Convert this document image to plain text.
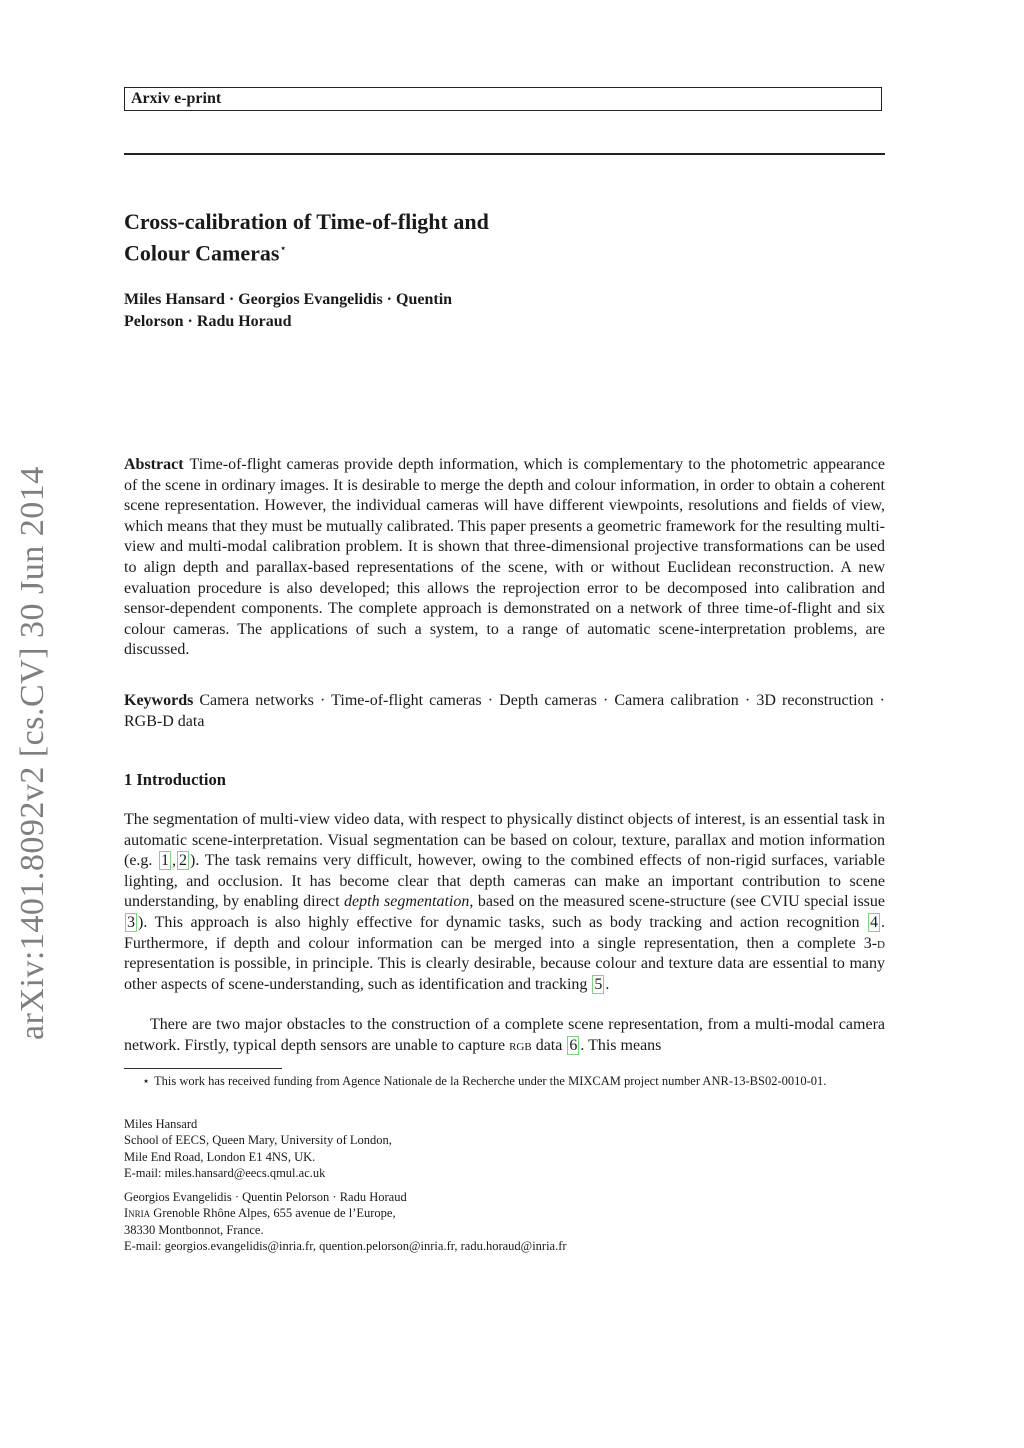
Arxiv e-print
Cross-calibration of Time-of-flight and
Colour Cameras⋆
Miles Hansard · Georgios Evangelidis · Quentin
Pelorson · Radu Horaud
arXiv:1401.8092v2 [cs.CV] 30 Jun 2014

Abstract Time-of-flight cameras provide depth information, which is complementary to the photometric appearance of the scene in ordinary images. It is desirable to merge the depth and colour information, in order to obtain a coherent scene representation. However, the individual cameras will have different viewpoints, resolutions and fields of view, which means that they must be mutually calibrated. This paper presents a geometric framework for the resulting multi-view and multi-modal calibration problem. It is shown that three-dimensional projective transformations can be used to align depth and parallax-based representations of the scene, with or without Euclidean reconstruction. A new evaluation procedure is also developed; this allows the reprojection error to be decomposed into calibration and sensor-dependent components. The complete approach is demonstrated on a network of three time-of-flight and six colour cameras. The applications of such a system, to a range of automatic scene-interpretation problems, are discussed.

Keywords Camera networks · Time-of-flight cameras · Depth cameras · Camera calibration · 3D reconstruction · RGB-D data

1 Introduction

The segmentation of multi-view video data, with respect to physically distinct objects of interest, is an essential task in automatic scene-interpretation. Visual segmentation can be based on colour, texture, parallax and motion information (e.g. 1 , 2 ). The task remains very difficult, however, owing to the combined effects of non-rigid surfaces, variable lighting, and occlusion. It has become clear that depth cameras can make an important contribution to scene understanding, by enabling direct depth segmentation, based on the measured scene-structure (see CVIU special issue 3 ). This approach is also highly effective for dynamic tasks, such as body tracking and action recognition 4 . Furthermore, if depth and colour information can be merged into a single representation, then a complete 3-d representation is possible, in principle. This is clearly desirable, because colour and texture data are essential to many other aspects of scene-understanding, such as identification and tracking 5 .

There are two major obstacles to the construction of a complete scene representation, from a multi-modal camera network. Firstly, typical depth sensors are unable to capture rgb data 6 . This means

⋆ This work has received funding from Agence Nationale de la Recherche under the MIXCAM project number ANR-13-BS02-0010-01.
Miles Hansard
School of EECS, Queen Mary, University of London,
Mile End Road, London E1 4NS, UK.
E-mail: miles.hansard@eecs.qmul.ac.uk
Georgios Evangelidis · Quentin Pelorson · Radu Horaud
Inria Grenoble Rhône Alpes, 655 avenue de l’Europe,
38330 Montbonnot, France.
E-mail: georgios.evangelidis@inria.fr, quention.pelorson@inria.fr, radu.horaud@inria.fr
